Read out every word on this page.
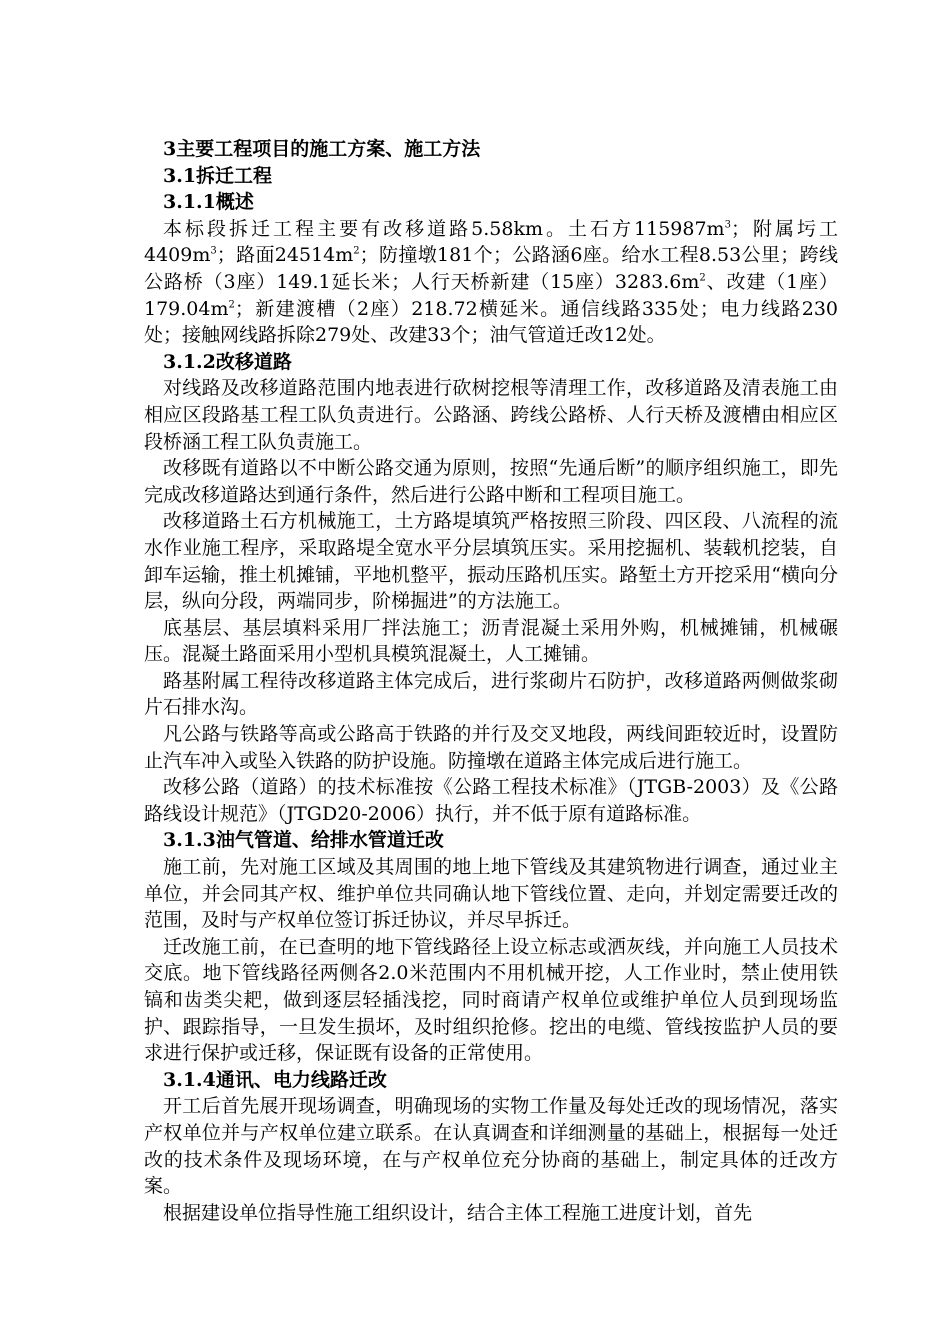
3主要工程项目的施工方案、施工方法

3.1拆迁工程

3.1.1概述

本标段拆迁工程主要有改移道路5.58km。土石方$115987m^3$；附属圬工$4409m^3$；路面$24514m^2$；防撞墩181个；公路涵6座。给水工程8.53公里；跨线公路桥（3座）149.1延长米；人行天桥新建（15座）$3283.6m^2$、改建（1座）$179.04m^2$；新建渡槽（2座）218.72横延米。通信线路335处；电力线路230处；接触网线路拆除279处、改建33个；油气管道迁改12处。

3.1.2改移道路

对线路及改移道路范围内地表进行砍树挖根等清理工作，改移道路及清表施工由相应区段路基工程工队负责进行。公路涵、跨线公路桥、人行天桥及渡槽由相应区段桥涵工程工队负责施工。

改移既有道路以不中断公路交通为原则，按照“先通后断”的顺序组织施工，即先完成改移道路达到通行条件，然后进行公路中断和工程项目施工。

改移道路土石方机械施工，土方路堤填筑严格按照三阶段、四区段、八流程的流水作业施工程序，采取路堤全宽水平分层填筑压实。采用挖掘机、装载机挖装，自卸车运输，推土机摊铺，平地机整平，振动压路机压实。路堑土方开挖采用“横向分层，纵向分段，两端同步，阶梯掘进”的方法施工。

底基层、基层填料采用厂拌法施工；沥青混凝土采用外购，机械摊铺，机械碾压。混凝土路面采用小型机具模筑混凝土，人工摊铺。

路基附属工程待改移道路主体完成后，进行浆砌片石防护，改移道路两侧做浆砌片石排水沟。

凡公路与铁路等高或公路高于铁路的并行及交叉地段，两线间距较近时，设置防止汽车冲入或坠入铁路的防护设施。防撞墩在道路主体完成后进行施工。

改移公路（道路）的技术标准按《公路工程技术标准》（JTGB-2003）及《公路路线设计规范》（JTGD20-2006）执行，并不低于原有道路标准。

3.1.3油气管道、给排水管道迁改

施工前，先对施工区域及其周围的地上地下管线及其建筑物进行调查，通过业主单位，并会同其产权、维护单位共同确认地下管线位置、走向，并划定需要迁改的范围，及时与产权单位签订拆迁协议，并尽早拆迁。

迁改施工前，在已查明的地下管线路径上设立标志或洒灰线，并向施工人员技术交底。地下管线路径两侧各2.0米范围内不用机械开挖，人工作业时，禁止使用铁镐和齿类尖耙，做到逐层轻插浅挖，同时商请产权单位或维护单位人员到现场监护、跟踪指导，一旦发生损坏，及时组织抢修。挖出的电缆、管线按监护人员的要求进行保护或迁移，保证既有设备的正常使用。

3.1.4通讯、电力线路迁改

开工后首先展开现场调查，明确现场的实物工作量及每处迁改的现场情况，落实产权单位并与产权单位建立联系。在认真调查和详细测量的基础上，根据每一处迁改的技术条件及现场环境，在与产权单位充分协商的基础上，制定具体的迁改方案。

根据建设单位指导性施工组织设计，结合主体工程施工进度计划，首先
